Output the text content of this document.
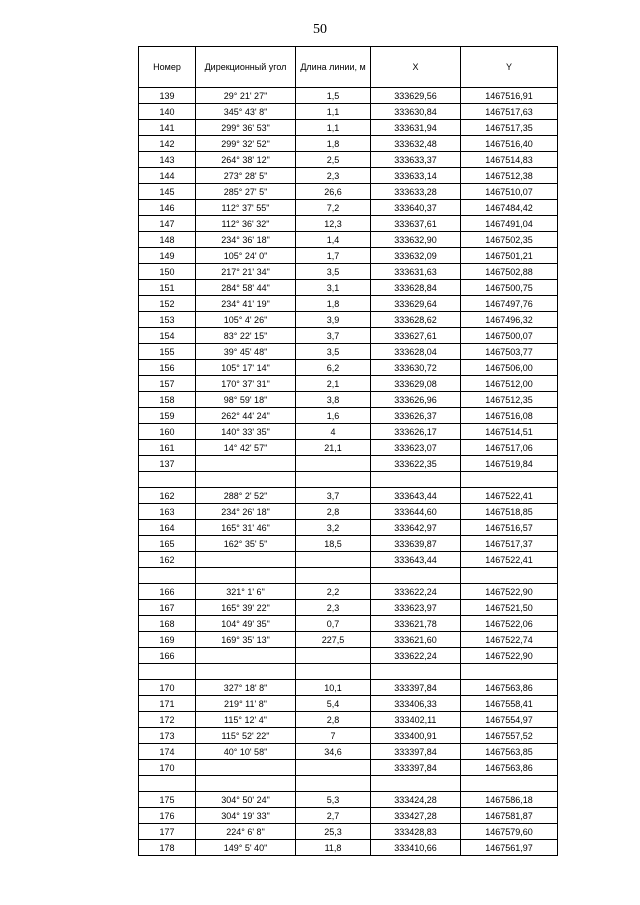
50
Номер	Дирекционный угол	Длина линии, м	X	Y
139	29° 21' 27"	1,5	333629,56	1467516,91
140	345° 43' 8"	1,1	333630,84	1467517,63
141	299° 36' 53"	1,1	333631,94	1467517,35
142	299° 32' 52"	1,8	333632,48	1467516,40
143	264° 38' 12"	2,5	333633,37	1467514,83
144	273° 28' 5"	2,3	333633,14	1467512,38
145	285° 27' 5"	26,6	333633,28	1467510,07
146	112° 37' 55"	7,2	333640,37	1467484,42
147	112° 36' 32"	12,3	333637,61	1467491,04
148	234° 36' 18"	1,4	333632,90	1467502,35
149	105° 24' 0"	1,7	333632,09	1467501,21
150	217° 21' 34"	3,5	333631,63	1467502,88
151	284° 58' 44"	3,1	333628,84	1467500,75
152	234° 41' 19"	1,8	333629,64	1467497,76
153	105° 4' 26"	3,9	333628,62	1467496,32
154	83° 22' 15"	3,7	333627,61	1467500,07
155	39° 45' 48"	3,5	333628,04	1467503,77
156	105° 17' 14"	6,2	333630,72	1467506,00
157	170° 37' 31"	2,1	333629,08	1467512,00
158	98° 59' 18"	3,8	333626,96	1467512,35
159	262° 44' 24"	1,6	333626,37	1467516,08
160	140° 33' 35"	4	333626,17	1467514,51
161	14° 42' 57"	21,1	333623,07	1467517,06
137			333622,35	1467519,84

162	288° 2' 52"	3,7	333643,44	1467522,41
163	234° 26' 18"	2,8	333644,60	1467518,85
164	165° 31' 46"	3,2	333642,97	1467516,57
165	162° 35' 5"	18,5	333639,87	1467517,37
162			333643,44	1467522,41

166	321° 1' 6"	2,2	333622,24	1467522,90
167	165° 39' 22"	2,3	333623,97	1467521,50
168	104° 49' 35"	0,7	333621,78	1467522,06
169	169° 35' 13"	227,5	333621,60	1467522,74
166			333622,24	1467522,90

170	327° 18' 8"	10,1	333397,84	1467563,86
171	219° 11' 8"	5,4	333406,33	1467558,41
172	115° 12' 4"	2,8	333402,11	1467554,97
173	115° 52' 22"	7	333400,91	1467557,52
174	40° 10' 58"	34,6	333397,84	1467563,85
170			333397,84	1467563,86

175	304° 50' 24"	5,3	333424,28	1467586,18
176	304° 19' 33"	2,7	333427,28	1467581,87
177	224° 6' 8"	25,3	333428,83	1467579,60
178	149° 5' 40"	11,8	333410,66	1467561,97
